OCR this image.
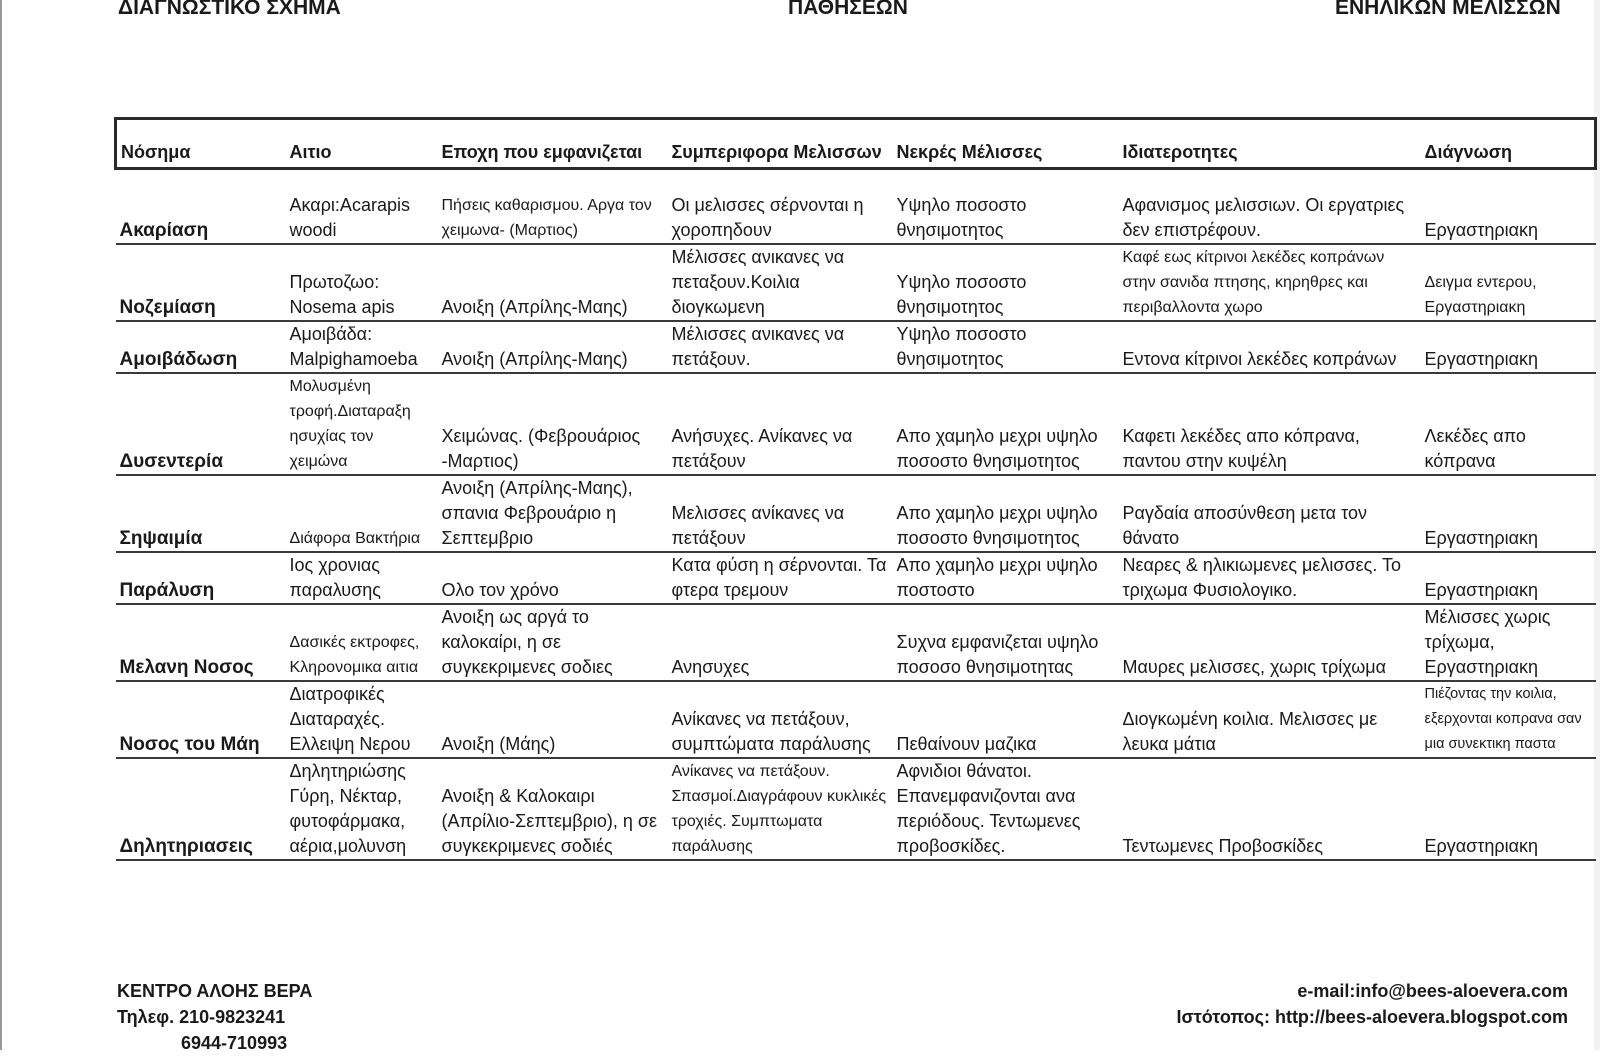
ΔΙΑΓΝΩΣΤΙΚΟ ΣΧΗΜΑ	ΠΑΘΗΣΕΩΝ	ΕΝΗΛΙΚΩΝ ΜΕΛΙΣΣΩΝ
Νόσημα	Αιτιο	Εποχη που εμφανιζεται	Συμπεριφορα Μελισσων	Νεκρές Μέλισσες	Ιδιατεροτητες	Διάγνωση
Ακαρίαση	Ακαρι:Acarapis woodi	Πήσεις καθαρισμου. Αργα τον χειμωνα- (Μαρτιος)	Οι μελισσες σέρνονται η χοροπηδουν	Υψηλο ποσοστο θνησιμοτητος	Αφανισμος μελισσιων. Οι εργατριες δεν επιστρέφουν.	Εργαστηριακη
Νοζεμίαση	Πρωτοζωο: Nosema apis	Ανοιξη (Απρίλης-Μαης)	Μέλισσες ανικανες να πεταξουν.Κοιλια διογκωμενη	Υψηλο ποσοστο θνησιμοτητος	Καφέ εως κίτρινοι λεκέδες κοπράνων στην σανιδα πτησης, κηρηθρες και περιβαλλοντα χωρο	Δειγμα εντερου, Εργαστηριακη
Αμοιβάδωση	Αμοιβάδα: Malpighamoeba	Ανοιξη (Απρίλης-Μαης)	Μέλισσες ανικανες να πετάξουν.	Υψηλο ποσοστο θνησιμοτητος	Εντονα κίτρινοι λεκέδες κοπράνων	Εργαστηριακη
Δυσεντερία	Μολυσμένη τροφή.Διαταραξη ησυχίας τον χειμώνα	Χειμώνας. (Φεβρουάριος -Μαρτιος)	Ανήσυχες. Ανίκανες να πετάξουν	Απο χαμηλο μεχρι υψηλο ποσοστο θνησιμοτητος	Καφετι λεκέδες απο κόπρανα, παντου στην κυψέλη	Λεκέδες απο κόπρανα
Σηψαιμία	Διάφορα Βακτήρια	Ανοιξη (Απρίλης-Μαης), σπανια Φεβρουάριο η Σεπτεμβριο	Μελισσες ανίκανες να πετάξουν	Απο χαμηλο μεχρι υψηλο ποσοστο θνησιμοτητος	Ραγδαία αποσύνθεση μετα τον θάνατο	Εργαστηριακη
Παράλυση	Ιος χρονιας παραλυσης	Ολο τον χρόνο	Κατα φύση η σέρνονται. Τα φτερα τρεμουν	Απο χαμηλο μεχρι υψηλο ποστοστο	Νεαρες & ηλικιωμενες μελισσες. Το τριχωμα Φυσιολογικο.	Εργαστηριακη
Μελανη Νοσος	Δασικές εκτροφες, Κληρονομικα αιτια	Ανοιξη ως αργά το καλοκαίρι, η σε συγκεκριμενες σοδιες	Ανησυχες	Συχνα εμφανιζεται υψηλο ποσοσο θνησιμοτητας	Μαυρες μελισσες, χωρις τρίχωμα	Μέλισσες χωρις τρίχωμα, Εργαστηριακη
Νοσος του Μάη	Διατροφικές Διαταραχές. Ελλειψη Νερου	Ανοιξη (Μάης)	Ανίκανες να πετάξουν, συμπτώματα παράλυσης	Πεθαίνουν μαζικα	Διογκωμένη κοιλια. Μελισσες με λευκα μάτια	Πιέζοντας την κοιλια, εξερχονται κοπρανα σαν μια συνεκτικη παστα
Δηλητηριασεις	Δηλητηριώσης Γύρη, Νέκταρ, φυτοφάρμακα, αέρια,μολυνση	Ανοιξη & Καλοκαιρι (Απρίλιο-Σεπτεμβριο), η σε συγκεκριμενες σοδιές	Ανίκανες να πετάξουν. Σπασμοί.Διαγράφουν κυκλικές τροχιές. Συμπτωματα παράλυσης	Αφνιδιοι θάνατοι. Επανεμφανιζονται ανα περιόδους. Τεντωμενες προβοσκίδες.	Τεντωμενες Προβοσκίδες	Εργαστηριακη
ΚΕΝΤΡΟ ΑΛΟΗΣ ΒΕΡΑ
Τηλεφ. 210-9823241

6944-710993
e-mail:info@bees-aloevera.com
Ιστότοπος: http://bees-aloevera.blogspot.com
